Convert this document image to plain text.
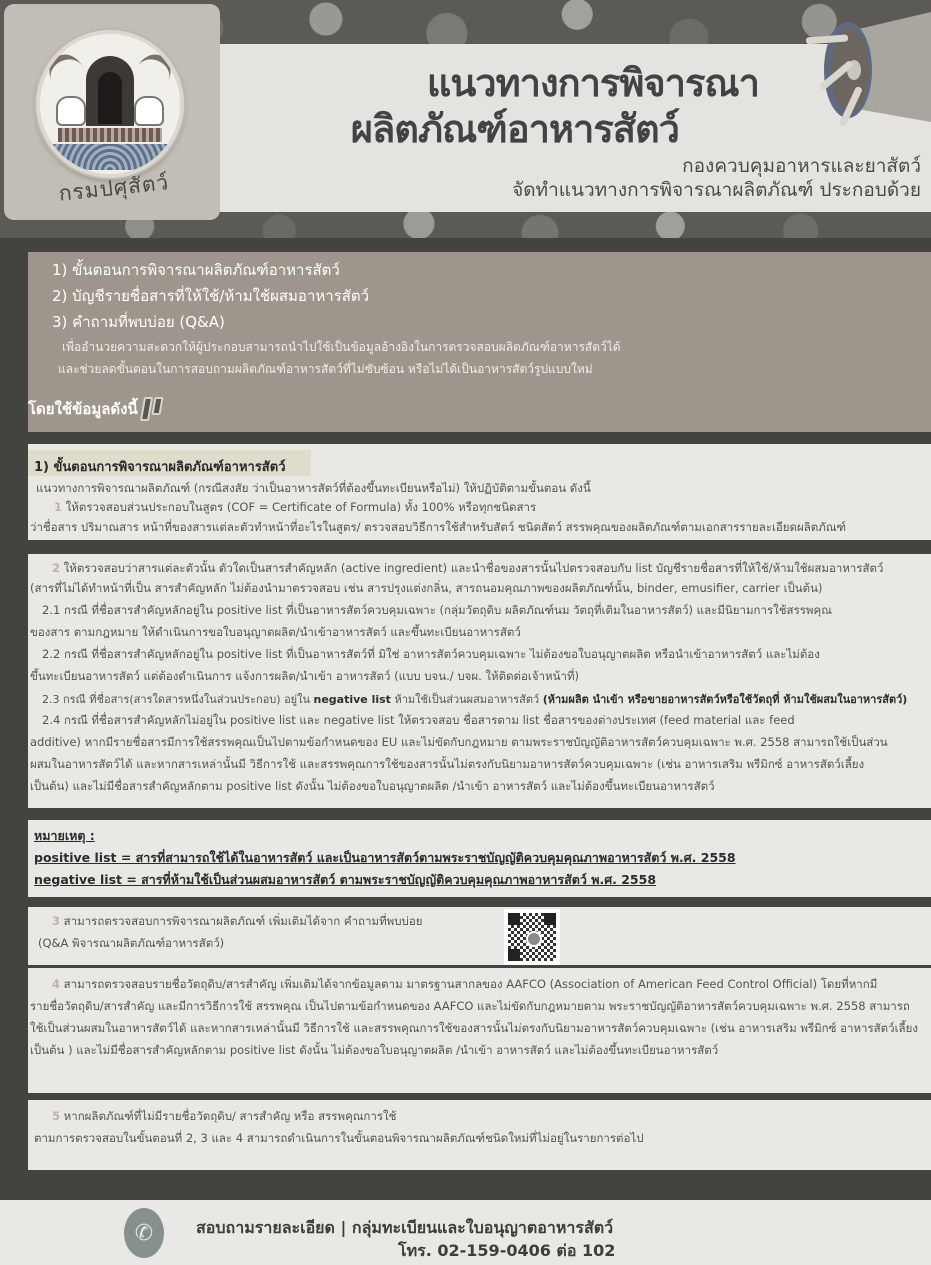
กรมปศุสัตว์
แนวทางการพิจารณา

ผลิตภัณฑ์อาหารสัตว์
กองควบคุมอาหารและยาสัตว์
จัดทำแนวทางการพิจารณาผลิตภัณฑ์ ประกอบด้วย
1) ขั้นตอนการพิจารณาผลิตภัณฑ์อาหารสัตว์
2) บัญชีรายชื่อสารที่ให้ใช้/ห้ามใช้ผสมอาหารสัตว์
3) คำถามที่พบบ่อย (Q&A)
เพื่ออำนวยความสะดวกให้ผู้ประกอบสามารถนำไปใช้เป็นข้อมูลอ้างอิงในการตรวจสอบผลิตภัณฑ์อาหารสัตว์ได้
และช่วยลดขั้นตอนในการสอบถามผลิตภัณฑ์อาหารสัตว์ที่ไม่ซับซ้อน หรือไม่ได้เป็นอาหารสัตว์รูปแบบใหม่
โดยใช้ข้อมูลดังนี้
1) ขั้นตอนการพิจารณาผลิตภัณฑ์อาหารสัตว์
แนวทางการพิจารณาผลิตภัณฑ์ (กรณีสงสัย ว่าเป็นอาหารสัตว์ที่ต้องขึ้นทะเบียนหรือไม่) ให้ปฏิบัติตามขั้นตอน ดังนี้
1 ให้ตรวจสอบส่วนประกอบในสูตร (COF = Certificate of Formula) ทั้ง 100% หรือทุกชนิดสาร
ว่าชื่อสาร ปริมาณสาร หน้าที่ของสารแต่ละตัวทำหน้าที่อะไรในสูตร/ ตรวจสอบวิธีการใช้สำหรับสัตว์ ชนิดสัตว์ สรรพคุณของผลิตภัณฑ์ตามเอกสารรายละเอียดผลิตภัณฑ์
2 ให้ตรวจสอบว่าสารแต่ละตัวนั้น ตัวใดเป็นสารสำคัญหลัก (active ingredient) และนำชื่อของสารนั้นไปตรวจสอบกับ list บัญชีรายชื่อสารที่ให้ใช้/ห้ามใช้ผสมอาหารสัตว์
(สารที่ไม่ได้ทำหน้าที่เป็น สารสำคัญหลัก ไม่ต้องนำมาตรวจสอบ เช่น สารปรุงแต่งกลิ่น, สารถนอมคุณภาพของผลิตภัณฑ์นั้น, binder, emusifier, carrier เป็นต้น)
2.1 กรณี ที่ชื่อสารสำคัญหลักอยู่ใน positive list ที่เป็นอาหารสัตว์ควบคุมเฉพาะ (กลุ่มวัตถุดิบ ผลิตภัณฑ์นม วัตถุที่เติมในอาหารสัตว์) และมีนิยามการใช้สรรพคุณ
ของสาร ตามกฎหมาย ให้ดำเนินการขอใบอนุญาตผลิต/นำเข้าอาหารสัตว์ และขึ้นทะเบียนอาหารสัตว์
2.2 กรณี ที่ชื่อสารสำคัญหลักอยู่ใน positive list ที่เป็นอาหารสัตว์ที่ มิใช่ อาหารสัตว์ควบคุมเฉพาะ ไม่ต้องขอใบอนุญาตผลิต หรือนำเข้าอาหารสัตว์ และไม่ต้อง
ขึ้นทะเบียนอาหารสัตว์ แต่ต้องดำเนินการ แจ้งการผลิต/นำเข้า อาหารสัตว์ (แบบ บจน./ บจผ. ให้ติดต่อเจ้าหน้าที่)
2.3 กรณี ที่ชื่อสาร(สารใดสารหนึ่งในส่วนประกอบ) อยู่ใน negative list ห้ามใช้เป็นส่วนผสมอาหารสัตว์ (ห้ามผลิต นำเข้า หรือขายอาหารสัตว์หรือใช้วัตถุที่ ห้ามใช้ผสมในอาหารสัตว์)
2.4 กรณี ที่ชื่อสารสำคัญหลักไม่อยู่ใน positive list และ negative list ให้ตรวจสอบ ชื่อสารตาม list ชื่อสารของต่างประเทศ (feed material และ feed
additive) หากมีรายชื่อสารมีการใช้สรรพคุณเป็นไปตามข้อกำหนดของ EU และไม่ขัดกับกฎหมาย ตามพระราชบัญญัติอาหารสัตว์ควบคุมเฉพาะ พ.ศ. 2558 สามารถใช้เป็นส่วน
ผสมในอาหารสัตว์ได้ และหากสารเหล่านั้นมี วิธีการใช้ และสรรพคุณการใช้ของสารนั้นไม่ตรงกับนิยามอาหารสัตว์ควบคุมเฉพาะ (เช่น อาหารเสริม พรีมิกซ์ อาหารสัตว์เลี้ยง
เป็นต้น) และไม่มีชื่อสารสำคัญหลักตาม positive list ดังนั้น ไม่ต้องขอใบอนุญาตผลิต /นำเข้า อาหารสัตว์ และไม่ต้องขึ้นทะเบียนอาหารสัตว์
หมายเหตุ :
positive list = สารที่สามารถใช้ได้ในอาหารสัตว์ และเป็นอาหารสัตว์ตามพระราชบัญญัติควบคุมคุณภาพอาหารสัตว์ พ.ศ. 2558
negative list = สารที่ห้ามใช้เป็นส่วนผสมอาหารสัตว์ ตามพระราชบัญญัติควบคุมคุณภาพอาหารสัตว์ พ.ศ. 2558
3 สามารถตรวจสอบการพิจารณาผลิตภัณฑ์ เพิ่มเติมได้จาก คำถามที่พบบ่อย
(Q&A พิจารณาผลิตภัณฑ์อาหารสัตว์)
4 สามารถตรวจสอบรายชื่อวัตถุดิบ/สารสำคัญ เพิ่มเติมได้จากข้อมูลตาม มาตรฐานสากลของ AAFCO (Association of American Feed Control Official) โดยที่หากมี
รายชื่อวัตถุดิบ/สารสำคัญ และมีการวิธีการใช้ สรรพคุณ เป็นไปตามข้อกำหนดของ AAFCO และไม่ขัดกับกฎหมายตาม พระราชบัญญัติอาหารสัตว์ควบคุมเฉพาะ พ.ศ. 2558 สามารถ
ใช้เป็นส่วนผสมในอาหารสัตว์ได้ และหากสารเหล่านั้นมี วิธีการใช้ และสรรพคุณการใช้ของสารนั้นไม่ตรงกับนิยามอาหารสัตว์ควบคุมเฉพาะ (เช่น อาหารเสริม พรีมิกซ์ อาหารสัตว์เลี้ยง
เป็นต้น ) และไม่มีชื่อสารสำคัญหลักตาม positive list ดังนั้น ไม่ต้องขอใบอนุญาตผลิต /นำเข้า อาหารสัตว์ และไม่ต้องขึ้นทะเบียนอาหารสัตว์
5 หากผลิตภัณฑ์ที่ไม่มีรายชื่อวัตถุดิบ/ สารสำคัญ หรือ สรรพคุณการใช้
ตามการตรวจสอบในขั้นตอนที่ 2, 3 และ 4 สามารถดำเนินการในขั้นตอนพิจารณาผลิตภัณฑ์ชนิดใหม่ที่ไม่อยู่ในรายการต่อไป
✆	สอบถามรายละเอียด | กลุ่มทะเบียนและใบอนุญาตอาหารสัตว์
โทร. 02-159-0406 ต่อ 102
